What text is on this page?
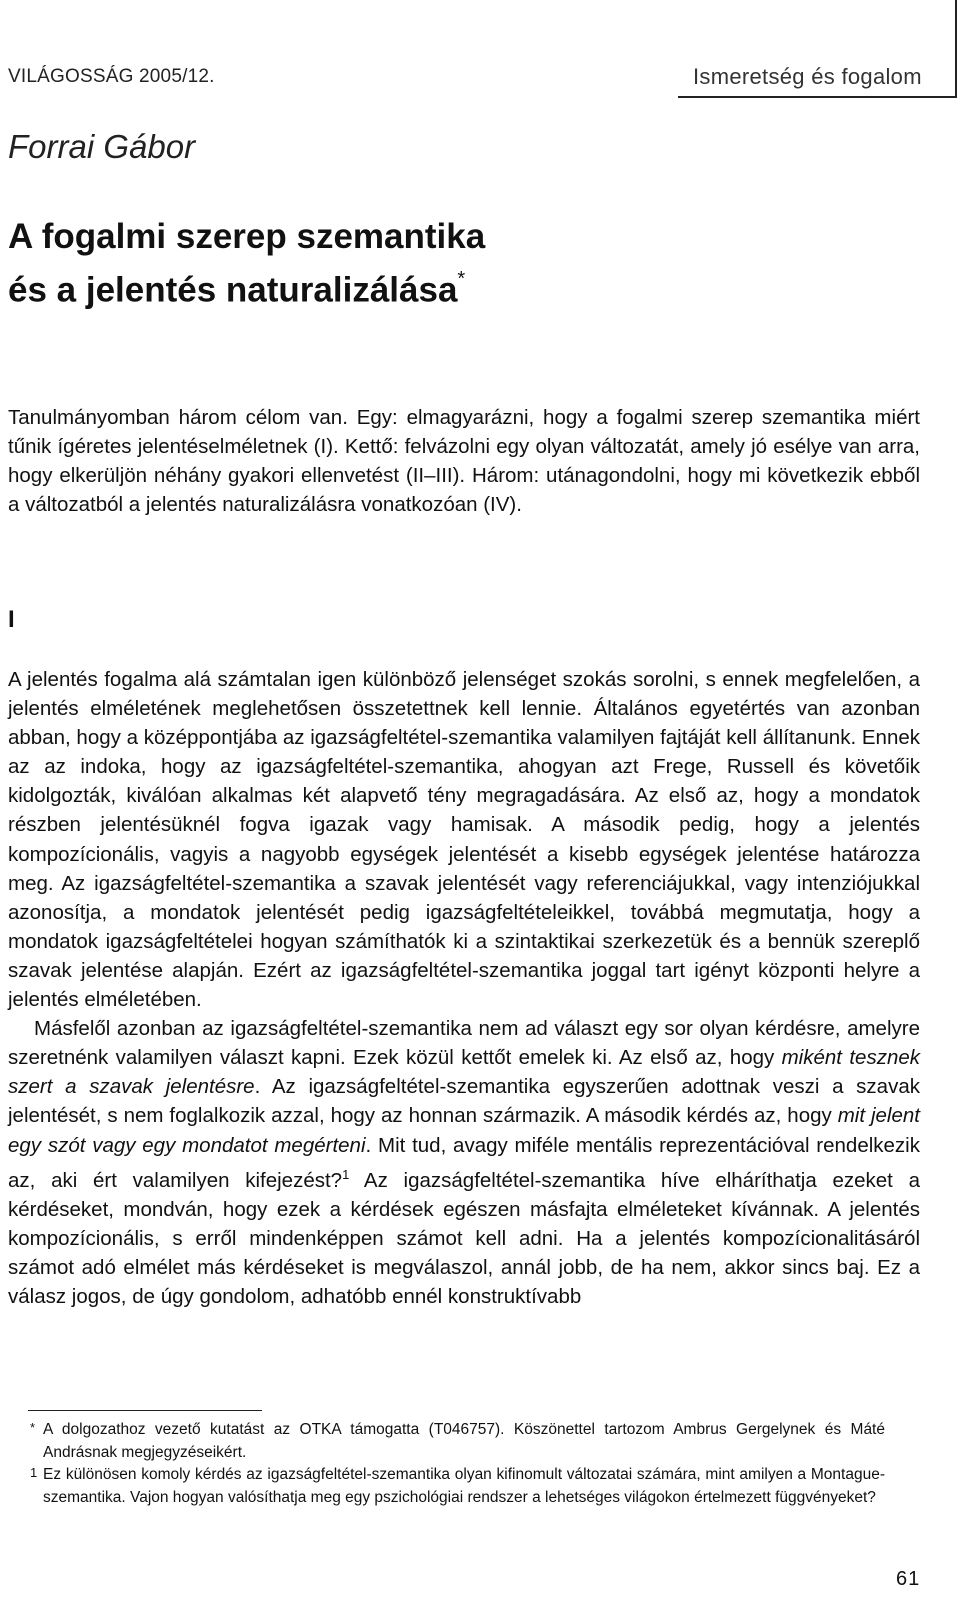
VILÁGOSSÁG 2005/12.	Ismeretség és fogalom
Forrai Gábor
A fogalmi szerep szemantika
és a jelentés naturalizálása*
Tanulmányomban három célom van. Egy: elmagyarázni, hogy a fogalmi szerep szemantika miért tűnik ígéretes jelentéselméletnek (I). Kettő: felvázolni egy olyan változatát, amely jó esélye van arra, hogy elkerüljön néhány gyakori ellenvetést (II–III). Három: utánagondolni, hogy mi következik ebből a változatból a jelentés naturalizálásra vonatkozóan (IV).
I

A jelentés fogalma alá számtalan igen különböző jelenséget szokás sorolni, s ennek megfelelően, a jelentés elméletének meglehetősen összetettnek kell lennie. Általános egyetértés van azonban abban, hogy a középpontjába az igazságfeltétel-szemantika valamilyen fajtáját kell állítanunk. Ennek az az indoka, hogy az igazságfeltétel-szemantika, ahogyan azt Frege, Russell és követőik kidolgozták, kiválóan alkalmas két alapvető tény megragadására. Az első az, hogy a mondatok részben jelentésüknél fogva igazak vagy hamisak. A második pedig, hogy a jelentés kompozícionális, vagyis a nagyobb egységek jelentését a kisebb egységek jelentése határozza meg. Az igazságfeltétel-szemantika a szavak jelentését vagy referenciájukkal, vagy intenziójukkal azonosítja, a mondatok jelentését pedig igazságfeltételeikkel, továbbá megmutatja, hogy a mondatok igazságfeltételei hogyan számíthatók ki a szintaktikai szerkezetük és a bennük szereplő szavak jelentése alapján. Ezért az igazságfeltétel-szemantika joggal tart igényt központi helyre a jelentés elméletében.

Másfelől azonban az igazságfeltétel-szemantika nem ad választ egy sor olyan kérdésre, amelyre szeretnénk valamilyen választ kapni. Ezek közül kettőt emelek ki. Az első az, hogy miként tesznek szert a szavak jelentésre. Az igazságfeltétel-szemantika egyszerűen adottnak veszi a szavak jelentését, s nem foglalkozik azzal, hogy az honnan származik. A második kérdés az, hogy mit jelent egy szót vagy egy mondatot megérteni. Mit tud, avagy miféle mentális reprezentációval rendelkezik az, aki ért valamilyen kifejezést?$^1$ Az igazságfeltétel-szemantika híve elháríthatja ezeket a kérdéseket, mondván, hogy ezek a kérdések egészen másfajta elméleteket kívánnak. A jelentés kompozícionális, s erről mindenképpen számot kell adni. Ha a jelentés kompozícionalitásáról számot adó elmélet más kérdéseket is megválaszol, annál jobb, de ha nem, akkor sincs baj. Ez a válasz jogos, de úgy gondolom, adhatóbb ennél konstruktívabb

* A dolgozathoz vezető kutatást az OTKA támogatta (T046757). Köszönettel tartozom Ambrus Gergelynek és Máté Andrásnak megjegyzéseikért.
1 Ez különösen komoly kérdés az igazságfeltétel-szemantika olyan kifinomult változatai számára, mint amilyen a Montague-szemantika. Vajon hogyan valósíthatja meg egy pszichológiai rendszer a lehetséges világokon értelmezett függvényeket?
61
